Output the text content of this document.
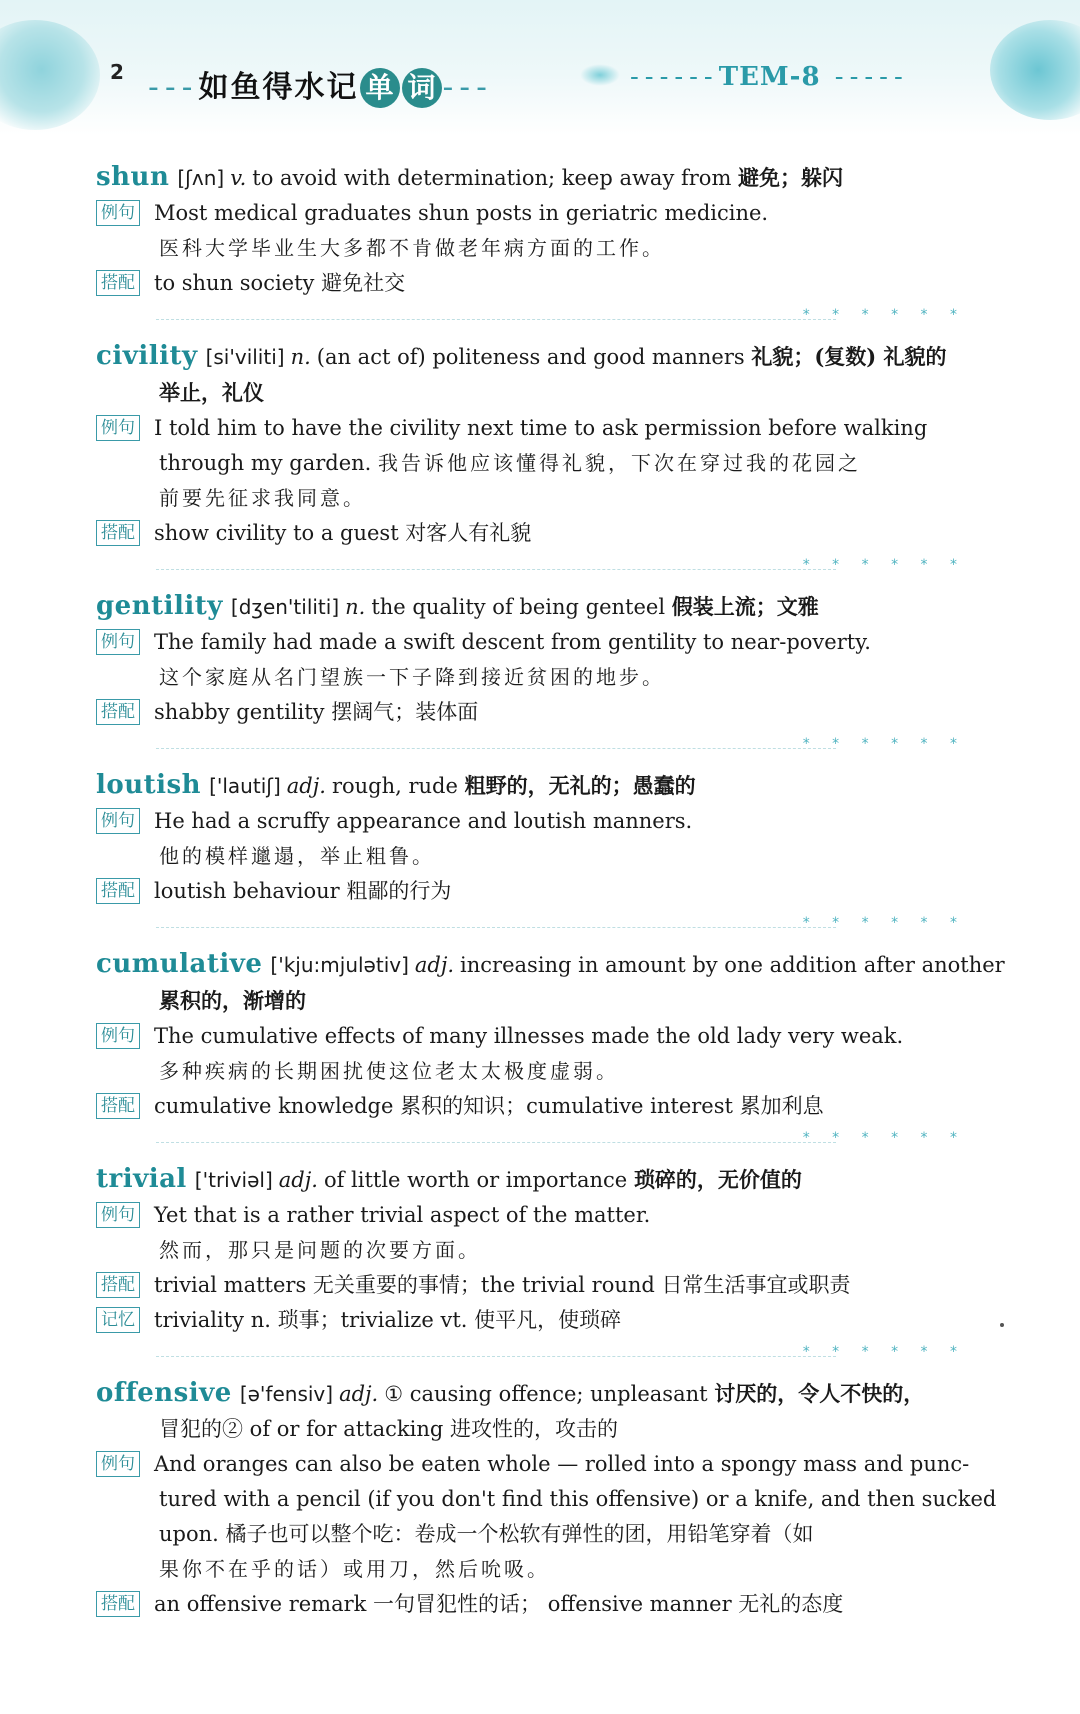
2 ---如鱼得水记 单 词 ---	------TEM-8 -----
shun [ʃʌn] v. to avoid with determination; keep away from 避免；躲闪
例句 Most medical graduates shun posts in geriatric medicine.
医科大学毕业生大多都不肯做老年病方面的工作。
搭配 to shun society 避免社交
* * * * * *
civility [si'viliti] n. (an act of) politeness and good manners 礼貌；(复数) 礼貌的
举止，礼仪
例句 I told him to have the civility next time to ask permission before walking
through my garden. 我告诉他应该懂得礼貌，下次在穿过我的花园之
前要先征求我同意。
搭配 show civility to a guest 对客人有礼貌
* * * * * *
gentility [dʒen'tiliti] n. the quality of being genteel 假装上流；文雅
例句 The family had made a swift descent from gentility to near-poverty.
这个家庭从名门望族一下子降到接近贫困的地步。
搭配 shabby gentility 摆阔气；装体面
* * * * * *
loutish ['lautiʃ] adj. rough, rude 粗野的，无礼的；愚蠢的
例句 He had a scruffy appearance and loutish manners.
他的模样邋遢，举止粗鲁。
搭配 loutish behaviour 粗鄙的行为
* * * * * *
cumulative ['kju:mjulətiv] adj. increasing in amount by one addition after another
累积的，渐增的
例句 The cumulative effects of many illnesses made the old lady very weak.
多种疾病的长期困扰使这位老太太极度虚弱。
搭配 cumulative knowledge 累积的知识；cumulative interest 累加利息
* * * * * *
trivial ['triviəl] adj. of little worth or importance 琐碎的，无价值的
例句 Yet that is a rather trivial aspect of the matter.
然而，那只是问题的次要方面。
搭配 trivial matters 无关重要的事情；the trivial round 日常生活事宜或职责
记忆 triviality n. 琐事；trivialize vt. 使平凡，使琐碎
* * * * * *
offensive [ə'fensiv] adj. ① causing offence; unpleasant 讨厌的，令人不快的，
冒犯的② of or for attacking 进攻性的，攻击的
例句 And oranges can also be eaten whole — rolled into a spongy mass and punc-
tured with a pencil (if you don't find this offensive) or a knife, and then sucked
upon. 橘子也可以整个吃：卷成一个松软有弹性的团，用铅笔穿着（如
果你不在乎的话）或用刀，然后吮吸。
搭配 an offensive remark 一句冒犯性的话； offensive manner 无礼的态度
